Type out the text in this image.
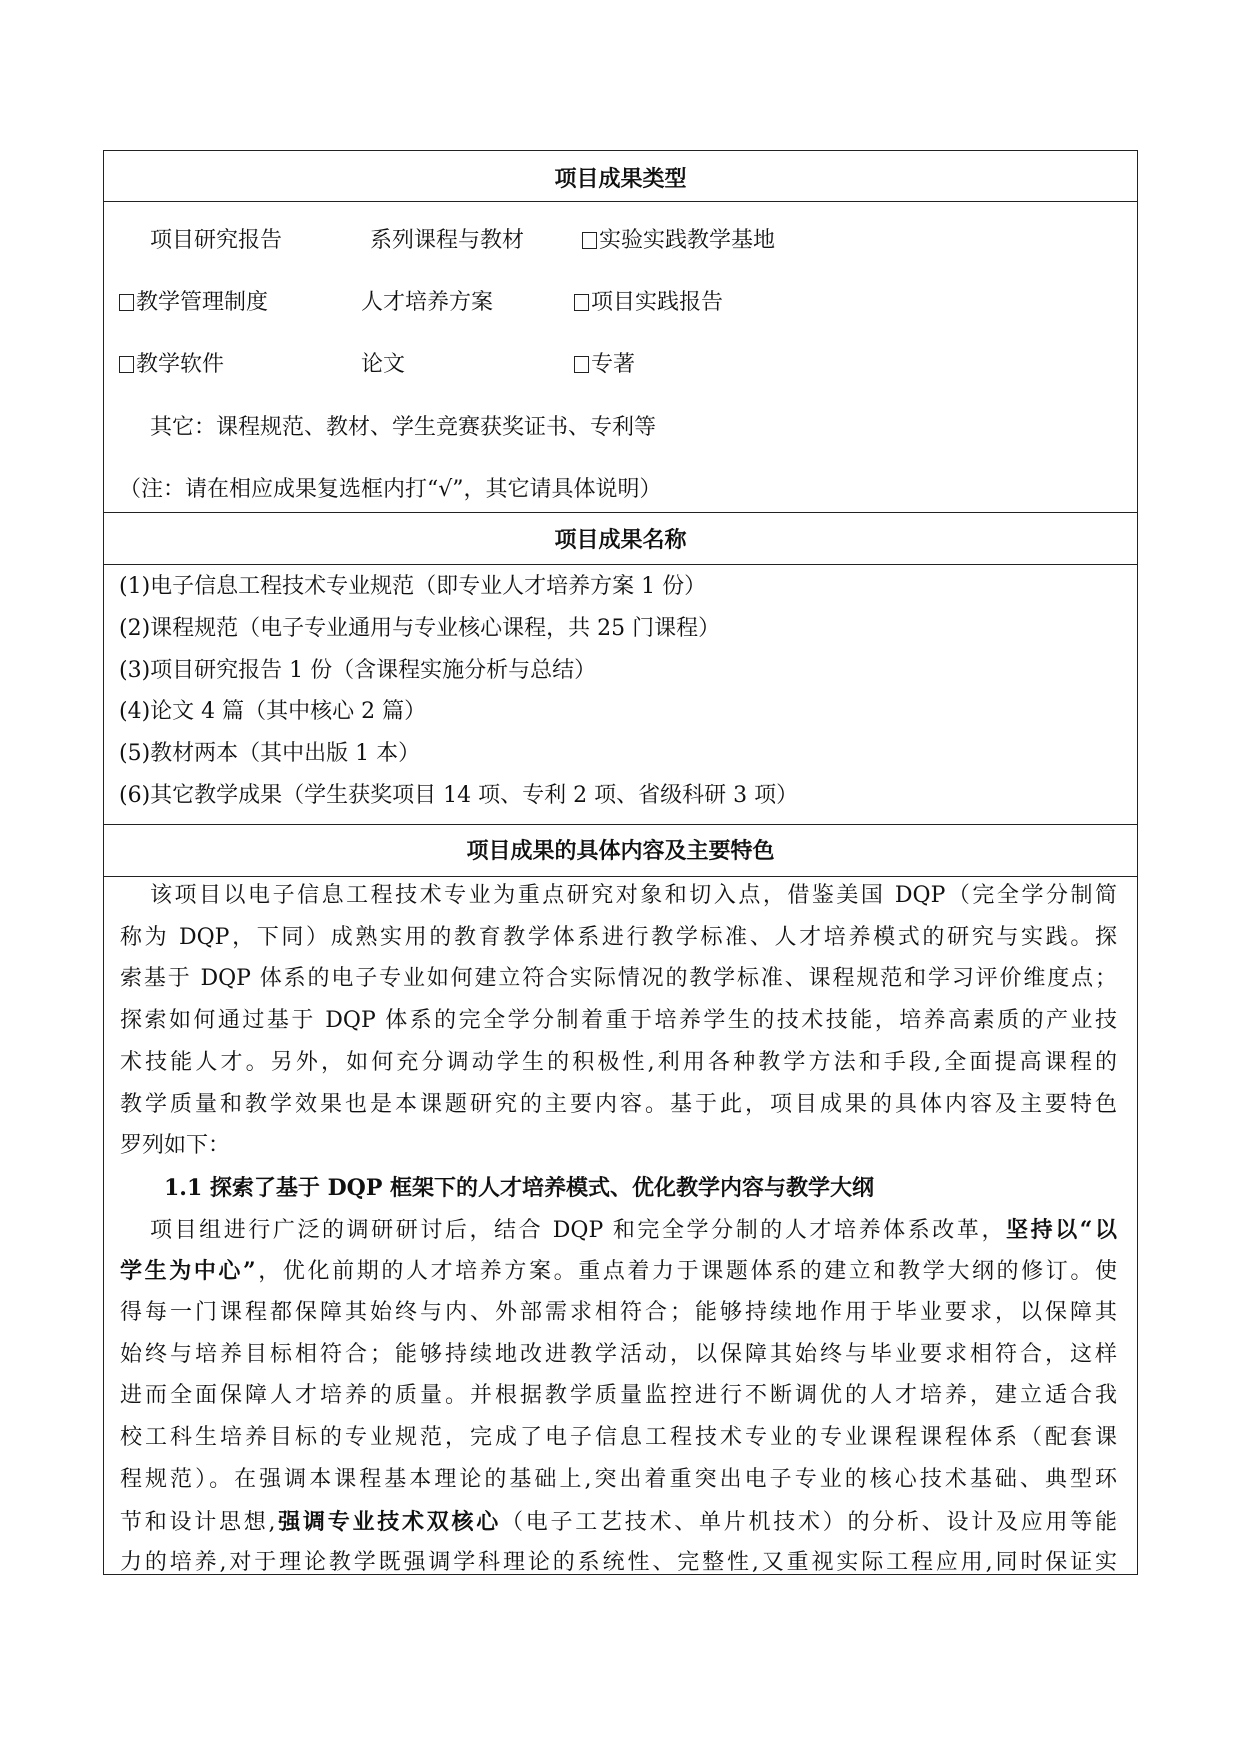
项目成果类型
项目研究报告	系列课程与教材	实验实践教学基地
教学管理制度	人才培养方案	项目实践报告
教学软件	论文	专著
其它：课程规范、教材、学生竞赛获奖证书、专利等
（注：请在相应成果复选框内打“√”，其它请具体说明）
项目成果名称
(1)电子信息工程技术专业规范（即专业人才培养方案 1 份）
(2)课程规范（电子专业通用与专业核心课程，共 25 门课程）
(3)项目研究报告 1 份（含课程实施分析与总结）
(4)论文 4 篇（其中核心 2 篇）
(5)教材两本（其中出版 1 本）
(6)其它教学成果（学生获奖项目 14 项、专利 2 项、省级科研 3 项）
项目成果的具体内容及主要特色
该项目以电子信息工程技术专业为重点研究对象和切入点，借鉴美国 DQP（完全学分制简
称为 DQP，下同）成熟实用的教育教学体系进行教学标准、人才培养模式的研究与实践。探
索基于 DQP 体系的电子专业如何建立符合实际情况的教学标准、课程规范和学习评价维度点；
探索如何通过基于 DQP 体系的完全学分制着重于培养学生的技术技能，培养高素质的产业技
术技能人才。另外，如何充分调动学生的积极性,利用各种教学方法和手段,全面提高课程的
教学质量和教学效果也是本课题研究的主要内容。基于此，项目成果的具体内容及主要特色
罗列如下：
1.1 探索了基于 DQP 框架下的人才培养模式、优化教学内容与教学大纲
项目组进行广泛的调研研讨后，结合 DQP 和完全学分制的人才培养体系改革，坚持以“以
学生为中心”，优化前期的人才培养方案。重点着力于课题体系的建立和教学大纲的修订。使
得每一门课程都保障其始终与内、外部需求相符合；能够持续地作用于毕业要求，以保障其
始终与培养目标相符合；能够持续地改进教学活动，以保障其始终与毕业要求相符合，这样
进而全面保障人才培养的质量。并根据教学质量监控进行不断调优的人才培养，建立适合我
校工科生培养目标的专业规范，完成了电子信息工程技术专业的专业课程课程体系（配套课
程规范）。在强调本课程基本理论的基础上,突出着重突出电子专业的核心技术基础、典型环
节和设计思想,强调专业技术双核心（电子工艺技术、单片机技术）的分析、设计及应用等能
力的培养,对于理论教学既强调学科理论的系统性、完整性,又重视实际工程应用,同时保证实
